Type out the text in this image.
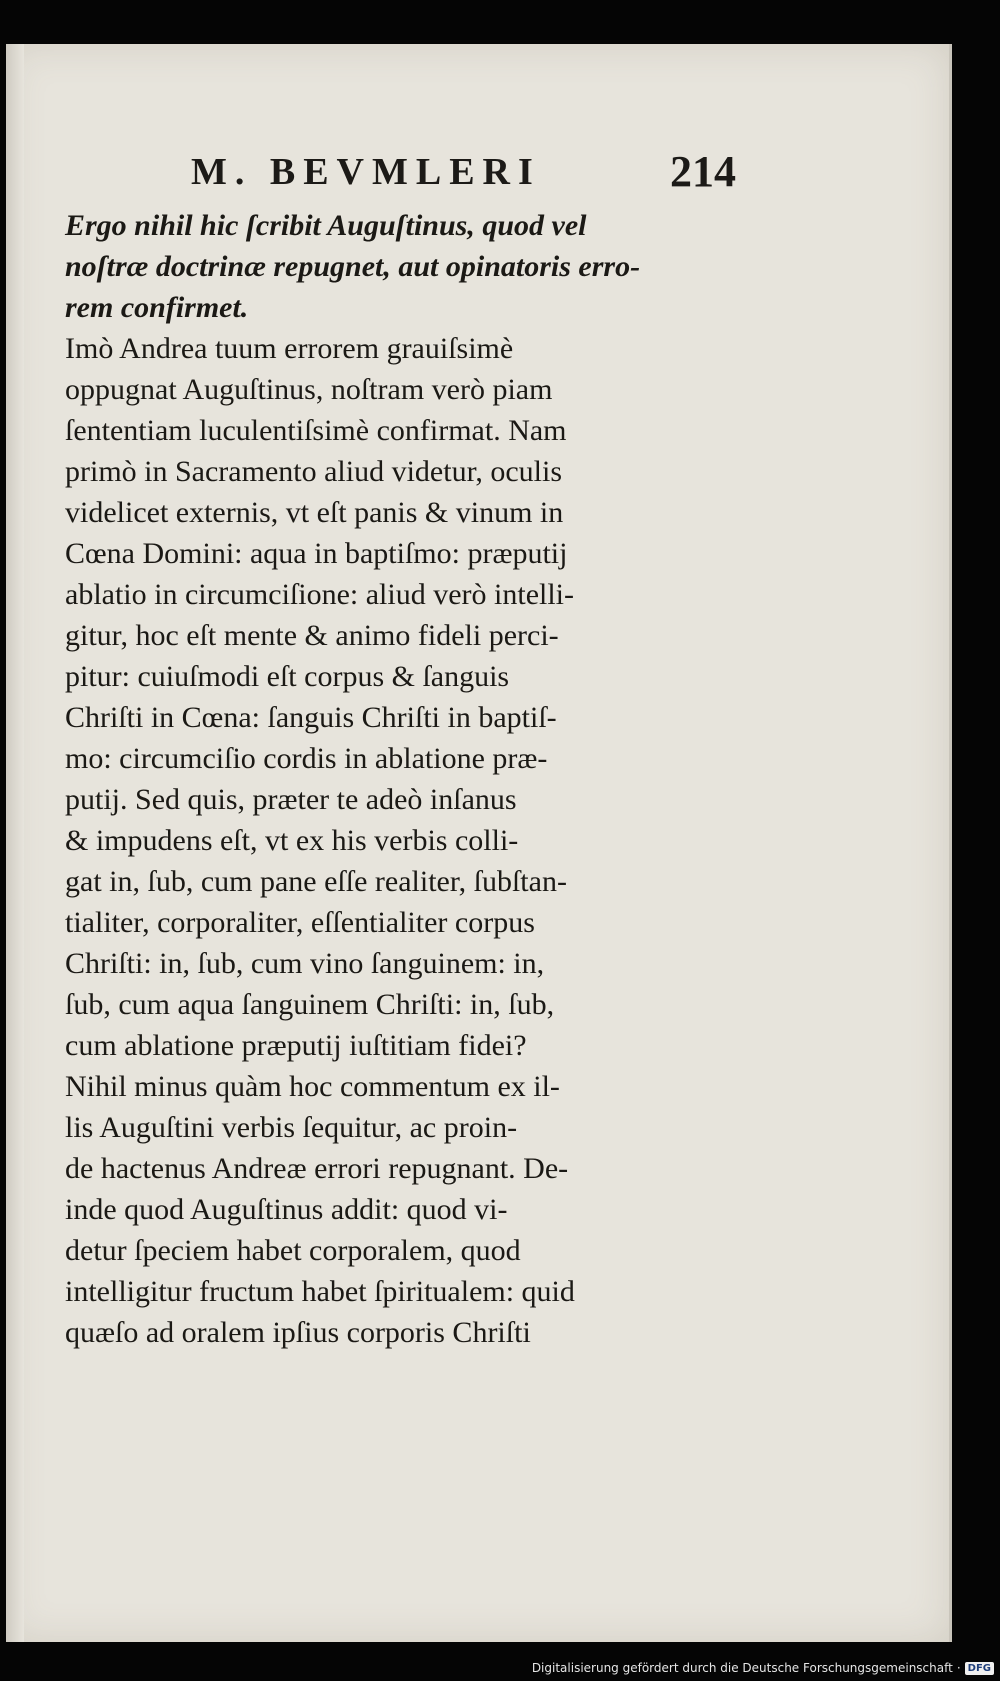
M. BEVMLERI	214
Ergo nihil hic ſcribit Auguſtinus, quod vel
noſtræ doctrinæ repugnet, aut opinatoris erro-
rem confirmet.
Imò Andrea tuum errorem grauiſsimè
oppugnat Auguſtinus, noſtram verò piam
ſententiam luculentiſsimè confirmat. Nam
primò in Sacramento aliud videtur, oculis
videlicet externis, vt eſt panis & vinum in
Cœna Domini: aqua in baptiſmo: præputij
ablatio in circumciſione: aliud verò intelli-
gitur, hoc eſt mente & animo fideli perci-
pitur: cuiuſmodi eſt corpus & ſanguis
Chriſti in Cœna: ſanguis Chriſti in baptiſ-
mo: circumciſio cordis in ablatione præ-
putij. Sed quis, præter te adeò inſanus
& impudens eſt, vt ex his verbis colli-
gat in, ſub, cum pane eſſe realiter, ſubſtan-
tialiter, corporaliter, eſſentialiter corpus
Chriſti: in, ſub, cum vino ſanguinem: in,
ſub, cum aqua ſanguinem Chriſti: in, ſub,
cum ablatione præputij iuſtitiam fidei?
Nihil minus quàm hoc commentum ex il-
lis Auguſtini verbis ſequitur, ac proin-
de hactenus Andreæ errori repugnant. De-
inde quod Auguſtinus addit: quod vi-
detur ſpeciem habet corporalem, quod
intelligitur fructum habet ſpiritualem: quid
quæſo ad oralem ipſius corporis Chriſti
Digitalisierung gefördert durch die Deutsche Forschungsgemeinschaft · DFG
